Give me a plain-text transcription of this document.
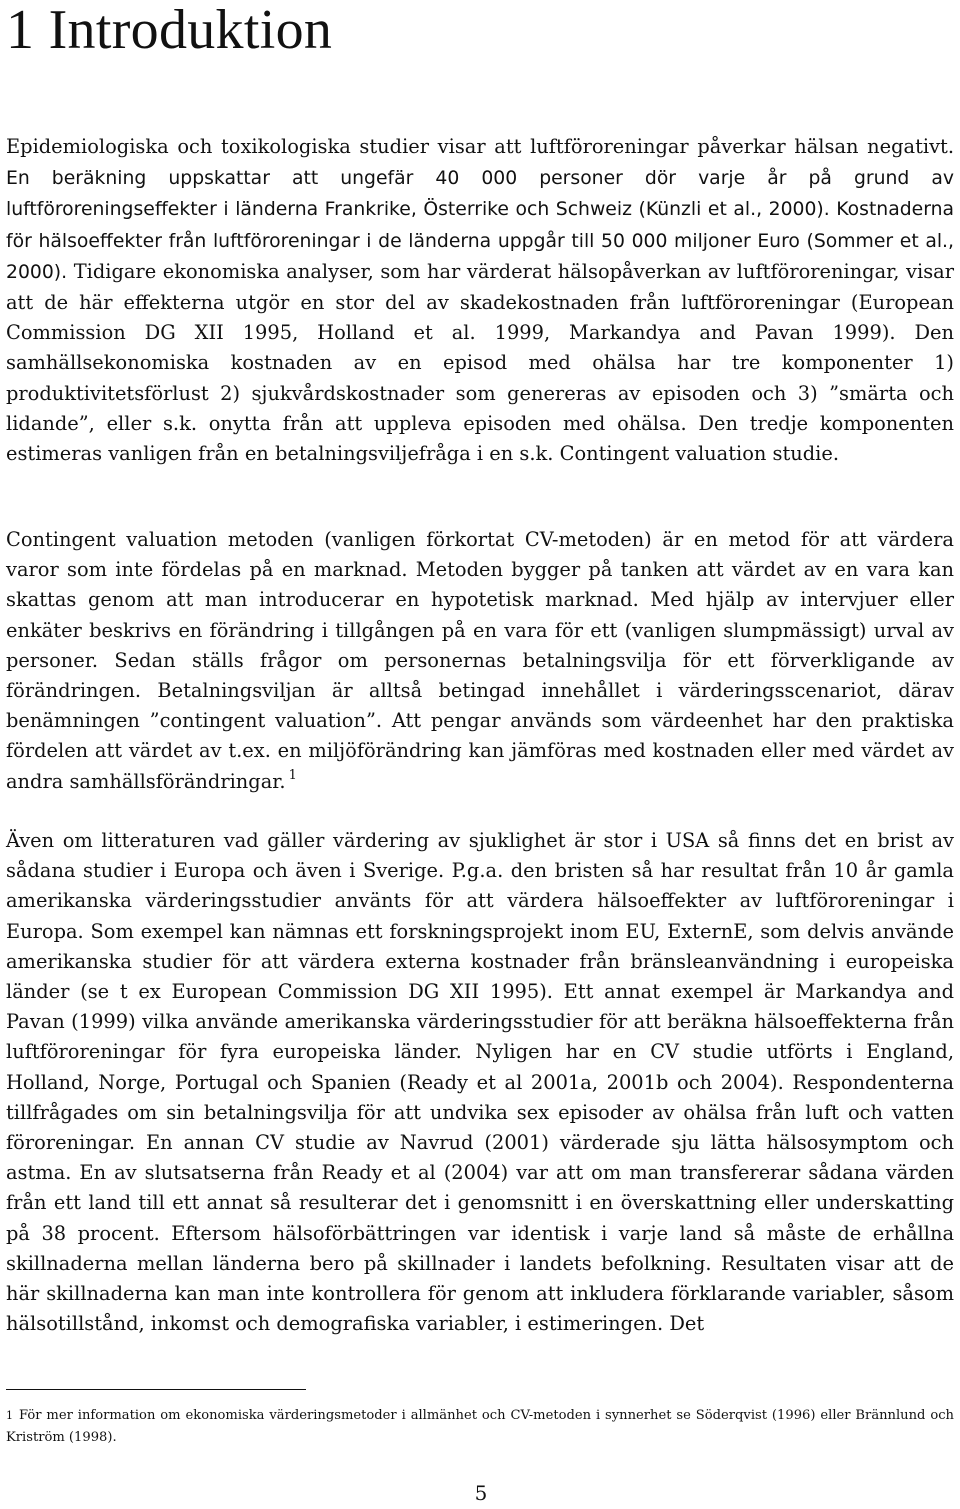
1 Introduktion

Epidemiologiska och toxikologiska studier visar att luftföroreningar påverkar hälsan negativt. En beräkning uppskattar att ungefär 40 000 personer dör varje år på grund av luftföroreningseffekter i länderna Frankrike, Österrike och Schweiz (Künzli et al., 2000). Kostnaderna för hälsoeffekter från luftföroreningar i de länderna uppgår till 50 000 miljoner Euro (Sommer et al., 2000). Tidigare ekonomiska analyser, som har värderat hälsopåverkan av luftföroreningar, visar att de här effekterna utgör en stor del av skadekostnaden från luftföroreningar (European Commission DG XII 1995, Holland et al. 1999, Markandya and Pavan 1999). Den samhällsekonomiska kostnaden av en episod med ohälsa har tre komponenter 1) produktivitetsförlust 2) sjukvårdskostnader som genereras av episoden och 3) ”smärta och lidande”, eller s.k. onytta från att uppleva episoden med ohälsa. Den tredje komponenten estimeras vanligen från en betalningsviljefråga i en s.k. Contingent valuation studie.

Contingent valuation metoden (vanligen förkortat CV-metoden) är en metod för att värdera varor som inte fördelas på en marknad. Metoden bygger på tanken att värdet av en vara kan skattas genom att man introducerar en hypotetisk marknad. Med hjälp av intervjuer eller enkäter beskrivs en förändring i tillgången på en vara för ett (vanligen slumpmässigt) urval av personer. Sedan ställs frågor om personernas betalningsvilja för ett förverkligande av förändringen. Betalningsviljan är alltså betingad innehållet i värderingsscenariot, därav benämningen ”contingent valuation”. Att pengar används som värdeenhet har den praktiska fördelen att värdet av t.ex. en miljöförändring kan jämföras med kostnaden eller med värdet av andra samhällsförändringar. $^1$

Även om litteraturen vad gäller värdering av sjuklighet är stor i USA så finns det en brist av sådana studier i Europa och även i Sverige. P.g.a. den bristen så har resultat från 10 år gamla amerikanska värderingsstudier använts för att värdera hälsoeffekter av luftföroreningar i Europa. Som exempel kan nämnas ett forskningsprojekt inom EU, ExternE, som delvis använde amerikanska studier för att värdera externa kostnader från bränsleanvändning i europeiska länder (se t ex European Commission DG XII 1995). Ett annat exempel är Markandya and Pavan (1999) vilka använde amerikanska värderingsstudier för att beräkna hälsoeffekterna från luftföroreningar för fyra europeiska länder. Nyligen har en CV studie utförts i England, Holland, Norge, Portugal och Spanien (Ready et al 2001a, 2001b och 2004). Respondenterna tillfrågades om sin betalningsvilja för att undvika sex episoder av ohälsa från luft och vatten föroreningar. En annan CV studie av Navrud (2001) värderade sju lätta hälsosymptom och astma. En av slutsatserna från Ready et al (2004) var att om man transfererar sådana värden från ett land till ett annat så resulterar det i genomsnitt i en överskattning eller underskatting på 38 procent. Eftersom hälsoförbättringen var identisk i varje land så måste de erhållna skillnaderna mellan länderna bero på skillnader i landets befolkning. Resultaten visar att de här skillnaderna kan man inte kontrollera för genom att inkludera förklarande variabler, såsom hälsotillstånd, inkomst och demografiska variabler, i estimeringen. Det

1 För mer information om ekonomiska värderingsmetoder i allmänhet och CV-metoden i synnerhet se Söderqvist (1996) eller Brännlund och Kriström (1998).

5
